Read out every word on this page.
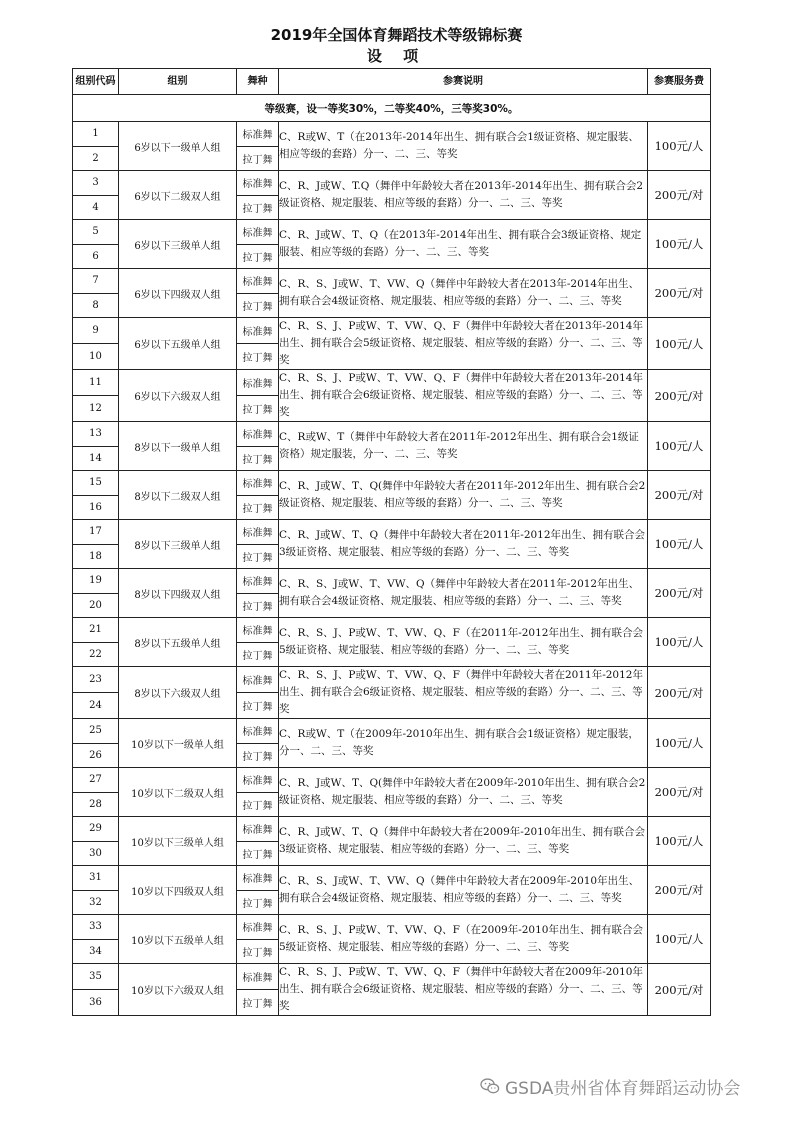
2019年全国体育舞蹈技术等级锦标赛
设 项
组别代码	组别	舞种	参赛说明	参赛服务费
等级赛，设一等奖30%，二等奖40%，三等奖30%。				
1	6岁以下一级单人组	标准舞	C、R或W、T（在2013年-2014年出生、拥有联合会1级证资格、规定服装、相应等级的套路）分一、二、三、等奖	100元/人
2		拉丁舞		
3	6岁以下二级双人组	标准舞	C、R、J或W、T.Q（舞伴中年龄较大者在2013年-2014年出生、拥有联合会2级证资格、规定服装、相应等级的套路）分一、二、三、等奖	200元/对
4		拉丁舞		
5	6岁以下三级单人组	标准舞	C、R、J或W、T、Q（在2013年-2014年出生、拥有联合会3级证资格、规定服装、相应等级的套路）分一、二、三、等奖	100元/人
6		拉丁舞		
7	6岁以下四级双人组	标准舞	C、R、S、J或W、T、VW、Q（舞伴中年龄较大者在2013年-2014年出生、拥有联合会4级证资格、规定服装、相应等级的套路）分一、二、三、等奖	200元/对
8		拉丁舞		
9	6岁以下五级单人组	标准舞	C、R、S、J、P或W、T、VW、Q、F（舞伴中年龄较大者在2013年-2014年出生、拥有联合会5级证资格、规定服装、相应等级的套路）分一、二、三、等奖	100元/人
10		拉丁舞		
11	6岁以下六级双人组	标准舞	C、R、S、J、P或W、T、VW、Q、F（舞伴中年龄较大者在2013年-2014年出生、拥有联合会6级证资格、规定服装、相应等级的套路）分一、二、三、等奖	200元/对
12		拉丁舞		
13	8岁以下一级单人组	标准舞	C、R或W、T（舞伴中年龄较大者在2011年-2012年出生、拥有联合会1级证资格）规定服装，分一、二、三、等奖	100元/人
14		拉丁舞		
15	8岁以下二级双人组	标准舞	C、R、J或W、T、Q(舞伴中年龄较大者在2011年-2012年出生、拥有联合会2级证资格、规定服装、相应等级的套路）分一、二、三、等奖	200元/对
16		拉丁舞		
17	8岁以下三级单人组	标准舞	C、R、J或W、T、Q（舞伴中年龄较大者在2011年-2012年出生、拥有联合会3级证资格、规定服装、相应等级的套路）分一、二、三、等奖	100元/人
18		拉丁舞		
19	8岁以下四级双人组	标准舞	C、R、S、J或W、T、VW、Q（舞伴中年龄较大者在2011年-2012年出生、拥有联合会4级证资格、规定服装、相应等级的套路）分一、二、三、等奖	200元/对
20		拉丁舞		
21	8岁以下五级单人组	标准舞	C、R、S、J、P或W、T、VW、Q、F（在2011年-2012年出生、拥有联合会5级证资格、规定服装、相应等级的套路）分一、二、三、等奖	100元/人
22		拉丁舞		
23	8岁以下六级双人组	标准舞	C、R、S、J、P或W、T、VW、Q、F（舞伴中年龄较大者在2011年-2012年出生、拥有联合会6级证资格、规定服装、相应等级的套路）分一、二、三、等奖	200元/对
24		拉丁舞		
25	10岁以下一级单人组	标准舞	C、R或W、T（在2009年-2010年出生、拥有联合会1级证资格）规定服装，分一、二、三、等奖	100元/人
26		拉丁舞		
27	10岁以下二级双人组	标准舞	C、R、J或W、T、Q(舞伴中年龄较大者在2009年-2010年出生、拥有联合会2级证资格、规定服装、相应等级的套路）分一、二、三、等奖	200元/对
28		拉丁舞		
29	10岁以下三级单人组	标准舞	C、R、J或W、T、Q（舞伴中年龄较大者在2009年-2010年出生、拥有联合会3级证资格、规定服装、相应等级的套路）分一、二、三、等奖	100元/人
30		拉丁舞		
31	10岁以下四级双人组	标准舞	C、R、S、J或W、T、VW、Q（舞伴中年龄较大者在2009年-2010年出生、拥有联合会4级证资格、规定服装、相应等级的套路）分一、二、三、等奖	200元/对
32		拉丁舞		
33	10岁以下五级单人组	标准舞	C、R、S、J、P或W、T、VW、Q、F（在2009年-2010年出生、拥有联合会5级证资格、规定服装、相应等级的套路）分一、二、三、等奖	100元/人
34		拉丁舞		
35	10岁以下六级双人组	标准舞	C、R、S、J、P或W、T、VW、Q、F（舞伴中年龄较大者在2009年-2010年出生、拥有联合会6级证资格、规定服装、相应等级的套路）分一、二、三、等奖	200元/对
36		拉丁舞		
GSDA贵州省体育舞蹈运动协会
